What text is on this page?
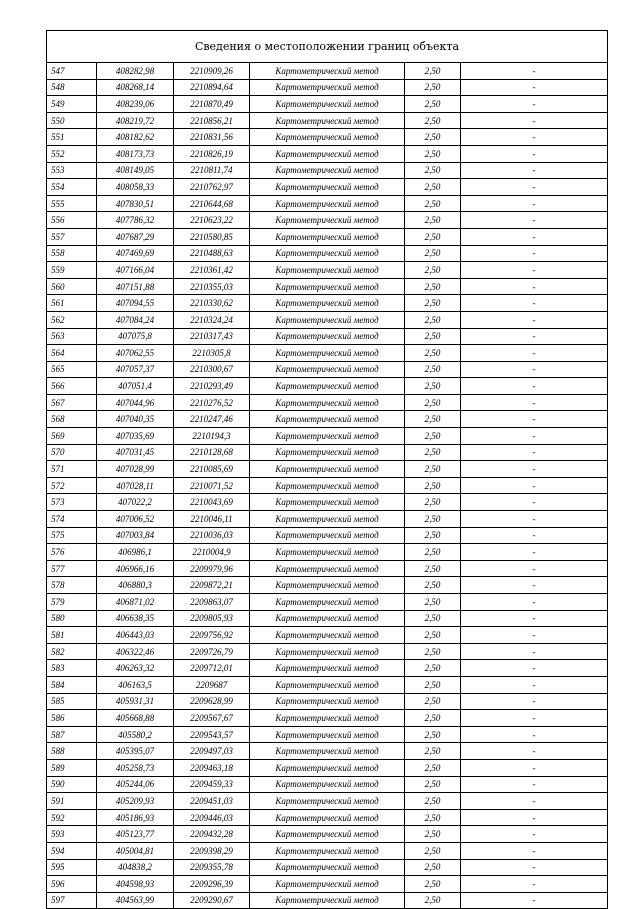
Сведения о местоположении границ объекта
547	408282,98	2210909,26	Картометрический метод	2,50	-
548	408268,14	2210894,64	Картометрический метод	2,50	-
549	408239,06	2210870,49	Картометрический метод	2,50	-
550	408219,72	2210856,21	Картометрический метод	2,50	-
551	408182,62	2210831,56	Картометрический метод	2,50	-
552	408173,73	2210826,19	Картометрический метод	2,50	-
553	408149,05	2210811,74	Картометрический метод	2,50	-
554	408058,33	2210762,97	Картометрический метод	2,50	-
555	407830,51	2210644,68	Картометрический метод	2,50	-
556	407786,32	2210623,22	Картометрический метод	2,50	-
557	407687,29	2210580,85	Картометрический метод	2,50	-
558	407469,69	2210488,63	Картометрический метод	2,50	-
559	407166,04	2210361,42	Картометрический метод	2,50	-
560	407151,88	2210355,03	Картометрический метод	2,50	-
561	407094,55	2210330,62	Картометрический метод	2,50	-
562	407084,24	2210324,24	Картометрический метод	2,50	-
563	407075,8	2210317,43	Картометрический метод	2,50	-
564	407062,55	2210305,8	Картометрический метод	2,50	-
565	407057,37	2210300,67	Картометрический метод	2,50	-
566	407051,4	2210293,49	Картометрический метод	2,50	-
567	407044,96	2210276,52	Картометрический метод	2,50	-
568	407040,35	2210247,46	Картометрический метод	2,50	-
569	407035,69	2210194,3	Картометрический метод	2,50	-
570	407031,45	2210128,68	Картометрический метод	2,50	-
571	407028,99	2210085,69	Картометрический метод	2,50	-
572	407028,11	2210071,52	Картометрический метод	2,50	-
573	407022,2	2210043,69	Картометрический метод	2,50	-
574	407006,52	2210046,11	Картометрический метод	2,50	-
575	407003,84	2210036,03	Картометрический метод	2,50	-
576	406986,1	2210004,9	Картометрический метод	2,50	-
577	406966,16	2209979,96	Картометрический метод	2,50	-
578	406880,3	2209872,21	Картометрический метод	2,50	-
579	406871,02	2209863,07	Картометрический метод	2,50	-
580	406638,35	2209805,93	Картометрический метод	2,50	-
581	406443,03	2209756,92	Картометрический метод	2,50	-
582	406322,46	2209726,79	Картометрический метод	2,50	-
583	406263,32	2209712,01	Картометрический метод	2,50	-
584	406163,5	2209687	Картометрический метод	2,50	-
585	405931,31	2209628,99	Картометрический метод	2,50	-
586	405668,88	2209567,67	Картометрический метод	2,50	-
587	405580,2	2209543,57	Картометрический метод	2,50	-
588	405395,07	2209497,03	Картометрический метод	2,50	-
589	405258,73	2209463,18	Картометрический метод	2,50	-
590	405244,06	2209459,33	Картометрический метод	2,50	-
591	405209,93	2209451,03	Картометрический метод	2,50	-
592	405186,93	2209446,03	Картометрический метод	2,50	-
593	405123,77	2209432,28	Картометрический метод	2,50	-
594	405004,81	2209398,29	Картометрический метод	2,50	-
595	404838,2	2209355,78	Картометрический метод	2,50	-
596	404598,93	2209296,39	Картометрический метод	2,50	-
597	404563,99	2209290,67	Картометрический метод	2,50	-
